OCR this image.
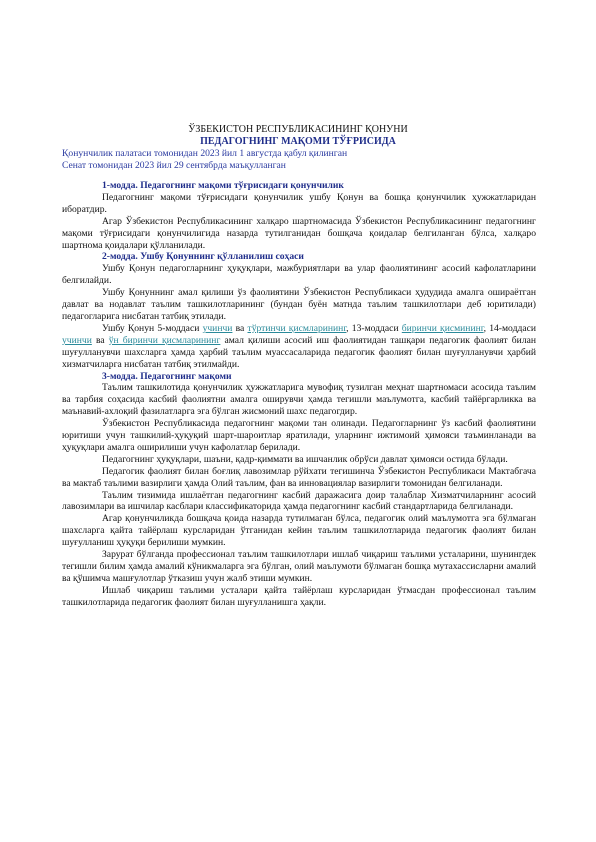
ЎЗБЕКИСТОН РЕСПУБЛИКАСИНИНГ ҚОНУНИ
ПЕДАГОГНИНГ МАҚОМИ ТЎҒРИСИДА
Қонунчилик палатаси томонидан 2023 йил 1 августда қабул қилинган
Сенат томонидан 2023 йил 29 сентябрда маъқулланган

1-модда. Педагогнинг мақоми тўғрисидаги қонунчилик

Педагогнинг мақоми тўғрисидаги қонунчилик ушбу Қонун ва бошқа қонунчилик ҳужжатларидан иборатдир.

Агар Ўзбекистон Республикасининг халқаро шартномасида Ўзбекистон Республикасининг педагогнинг мақоми тўғрисидаги қонунчилигида назарда тутилганидан бошқача қоидалар белгиланган бўлса, халқаро шартнома қоидалари қўлланилади.

2-модда. Ушбу Қонуннинг қўлланилиш соҳаси

Ушбу Қонун педагогларнинг ҳуқуқлари, мажбуриятлари ва улар фаолиятининг асосий кафолатларини белгилайди.

Ушбу Қонуннинг амал қилиши ўз фаолиятини Ўзбекистон Республикаси ҳудудида амалга ошираётган давлат ва нодавлат таълим ташкилотларининг (бундан буён матнда таълим ташкилотлари деб юритилади) педагогларига нисбатан татбиқ этилади.

Ушбу Қонун 5-моддаси учинчи ва тўртинчи қисмларининг, 13-моддаси биринчи қисмининг, 14-моддаси учинчи ва ўн биринчи қисмларининг амал қилиши асосий иш фаолиятидан ташқари педагогик фаолият билан шуғулланувчи шахсларга ҳамда ҳарбий таълим муассасаларида педагогик фаолият билан шуғулланувчи ҳарбий хизматчиларга нисбатан татбиқ этилмайди.

3-модда. Педагогнинг мақоми

Таълим ташкилотида қонунчилик ҳужжатларига мувофиқ тузилган меҳнат шартномаси асосида таълим ва тарбия соҳасида касбий фаолиятни амалга оширувчи ҳамда тегишли маълумотга, касбий тайёргарликка ва маънавий-ахлоқий фазилатларга эга бўлган жисмоний шахс педагогдир.

Ўзбекистон Республикасида педагогнинг мақоми тан олинади. Педагогларнинг ўз касбий фаолиятини юритиши учун ташкилий-ҳуқуқий шарт-шароитлар яратилади, уларнинг ижтимоий ҳимояси таъминланади ва ҳуқуқлари амалга оширилиши учун кафолатлар берилади.

Педагогнинг ҳуқуқлари, шаъни, қадр-қиммати ва ишчанлик обрўси давлат ҳимояси остида бўлади.

Педагогик фаолият билан боғлиқ лавозимлар рўйхати тегишинча Ўзбекистон Республикаси Мактабгача ва мактаб таълими вазирлиги ҳамда Олий таълим, фан ва инновациялар вазирлиги томонидан белгиланади.

Таълим тизимида ишлаётган педагогнинг касбий даражасига доир талаблар Хизматчиларнинг асосий лавозимлари ва ишчилар касблари классификаторида ҳамда педагогнинг касбий стандартларида белгиланади.

Агар қонунчиликда бошқача қоида назарда тутилмаган бўлса, педагогик олий маълумотга эга бўлмаган шахсларга қайта тайёрлаш курсларидан ўтганидан кейин таълим ташкилотларида педагогик фаолият билан шуғулланиш ҳуқуқи берилиши мумкин.

Зарурат бўлганда профессионал таълим ташкилотлари ишлаб чиқариш таълими усталарини, шунингдек тегишли билим ҳамда амалий кўникмаларга эга бўлган, олий маълумоти бўлмаган бошқа мутахассисларни амалий ва қўшимча машғулотлар ўтказиш учун жалб этиши мумкин.

Ишлаб чиқариш таълими усталари қайта тайёрлаш курсларидан ўтмасдан профессионал таълим ташкилотларида педагогик фаолият билан шуғулланишга ҳақли.
